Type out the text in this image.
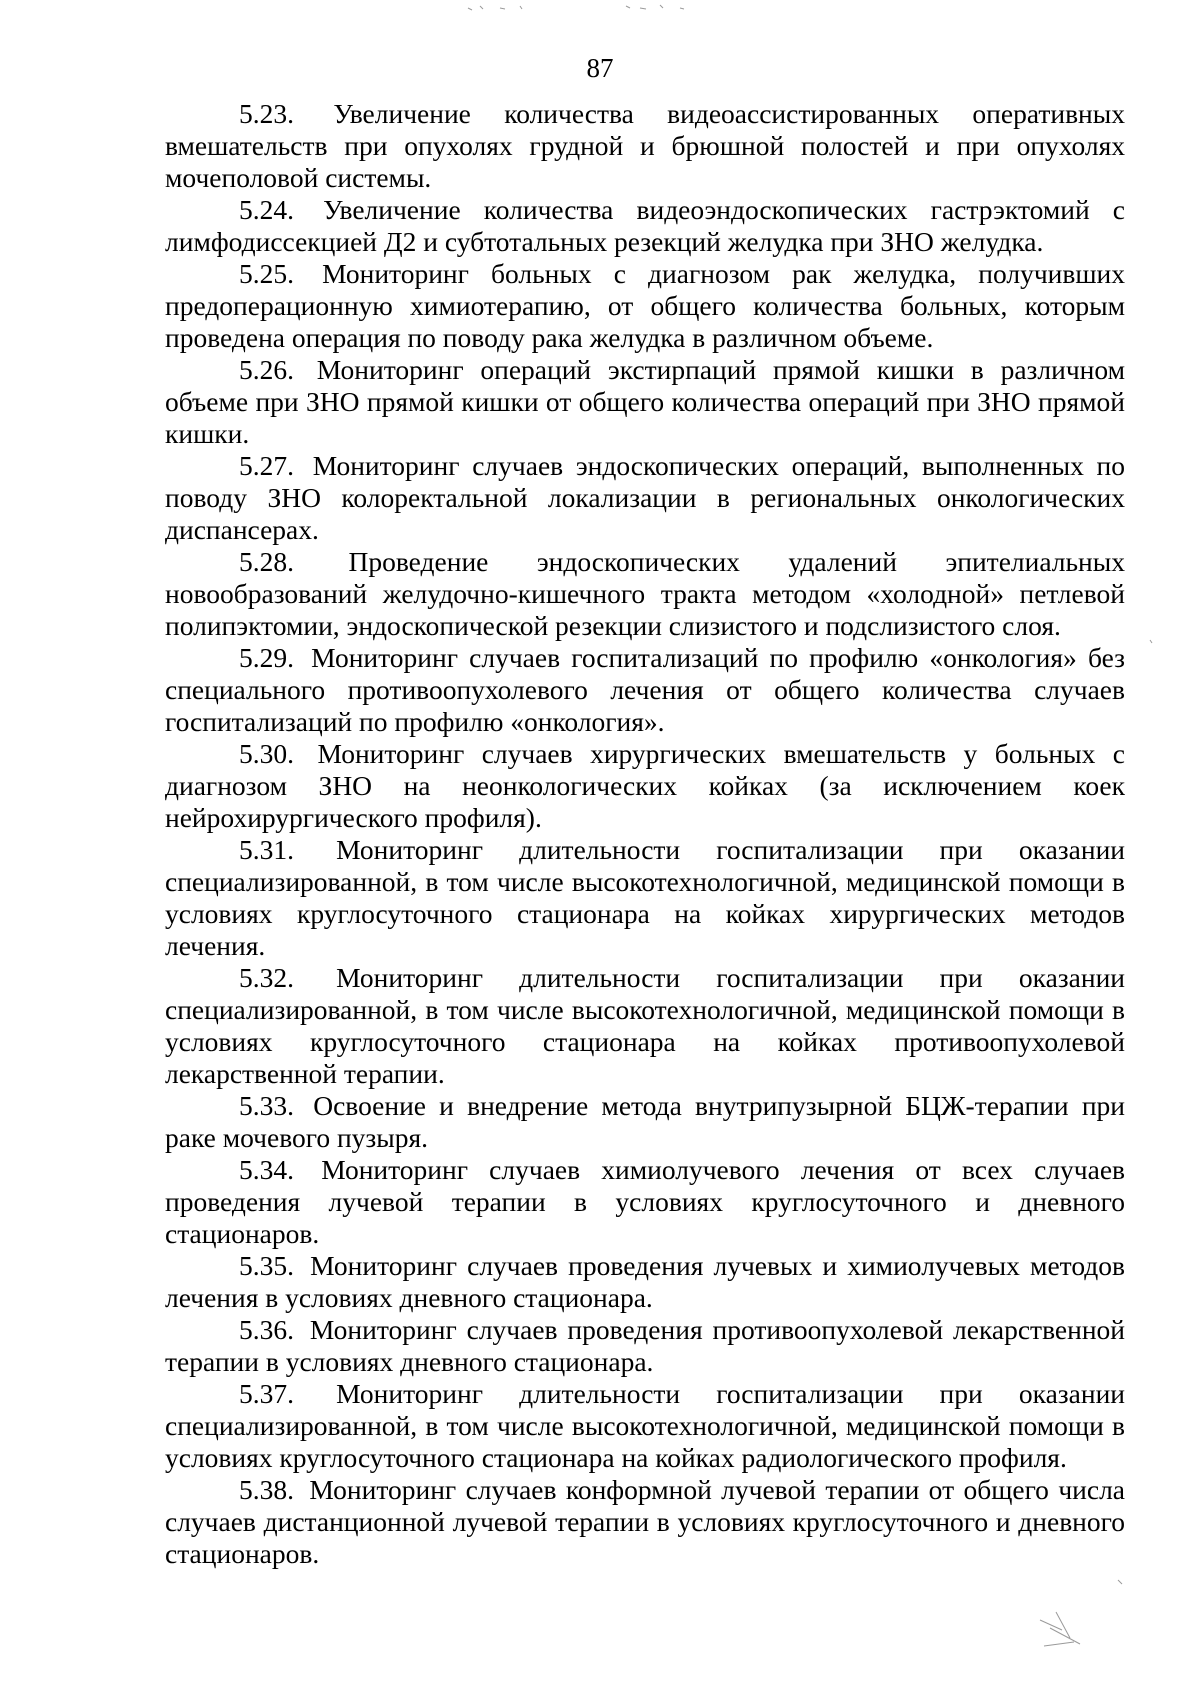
87

5.23. Увеличение количества видеоассистированных оперативных вмешательств при опухолях грудной и брюшной полостей и при опухолях мочеполовой системы.

5.24. Увеличение количества видеоэндоскопических гастрэктомий с лимфодиссекцией Д2 и субтотальных резекций желудка при ЗНО желудка.

5.25. Мониторинг больных с диагнозом рак желудка, получивших предоперационную химиотерапию, от общего количества больных, которым проведена операция по поводу рака желудка в различном объеме.

5.26. Мониторинг операций экстирпаций прямой кишки в различном объеме при ЗНО прямой кишки от общего количества операций при ЗНО прямой кишки.

5.27. Мониторинг случаев эндоскопических операций, выполненных по поводу ЗНО колоректальной локализации в региональных онкологических диспансерах.

5.28. Проведение эндоскопических удалений эпителиальных новообразований желудочно-кишечного тракта методом «холодной» петлевой полипэктомии, эндоскопической резекции слизистого и подслизистого слоя.

5.29. Мониторинг случаев госпитализаций по профилю «онкология» без специального противоопухолевого лечения от общего количества случаев госпитализаций по профилю «онкология».

5.30. Мониторинг случаев хирургических вмешательств у больных с диагнозом ЗНО на неонкологических койках (за исключением коек нейрохирургического профиля).

5.31. Мониторинг длительности госпитализации при оказании специализированной, в том числе высокотехнологичной, медицинской помощи в условиях круглосуточного стационара на койках хирургических методов лечения.

5.32. Мониторинг длительности госпитализации при оказании специализированной, в том числе высокотехнологичной, медицинской помощи в условиях круглосуточного стационара на койках противоопухолевой лекарственной терапии.

5.33. Освоение и внедрение метода внутрипузырной БЦЖ-терапии при раке мочевого пузыря.

5.34. Мониторинг случаев химиолучевого лечения от всех случаев проведения лучевой терапии в условиях круглосуточного и дневного стационаров.

5.35. Мониторинг случаев проведения лучевых и химиолучевых методов лечения в условиях дневного стационара.

5.36. Мониторинг случаев проведения противоопухолевой лекарственной терапии в условиях дневного стационара.

5.37. Мониторинг длительности госпитализации при оказании специализированной, в том числе высокотехнологичной, медицинской помощи в условиях круглосуточного стационара на койках радиологического профиля.

5.38. Мониторинг случаев конформной лучевой терапии от общего числа случаев дистанционной лучевой терапии в условиях круглосуточного и дневного стационаров.
